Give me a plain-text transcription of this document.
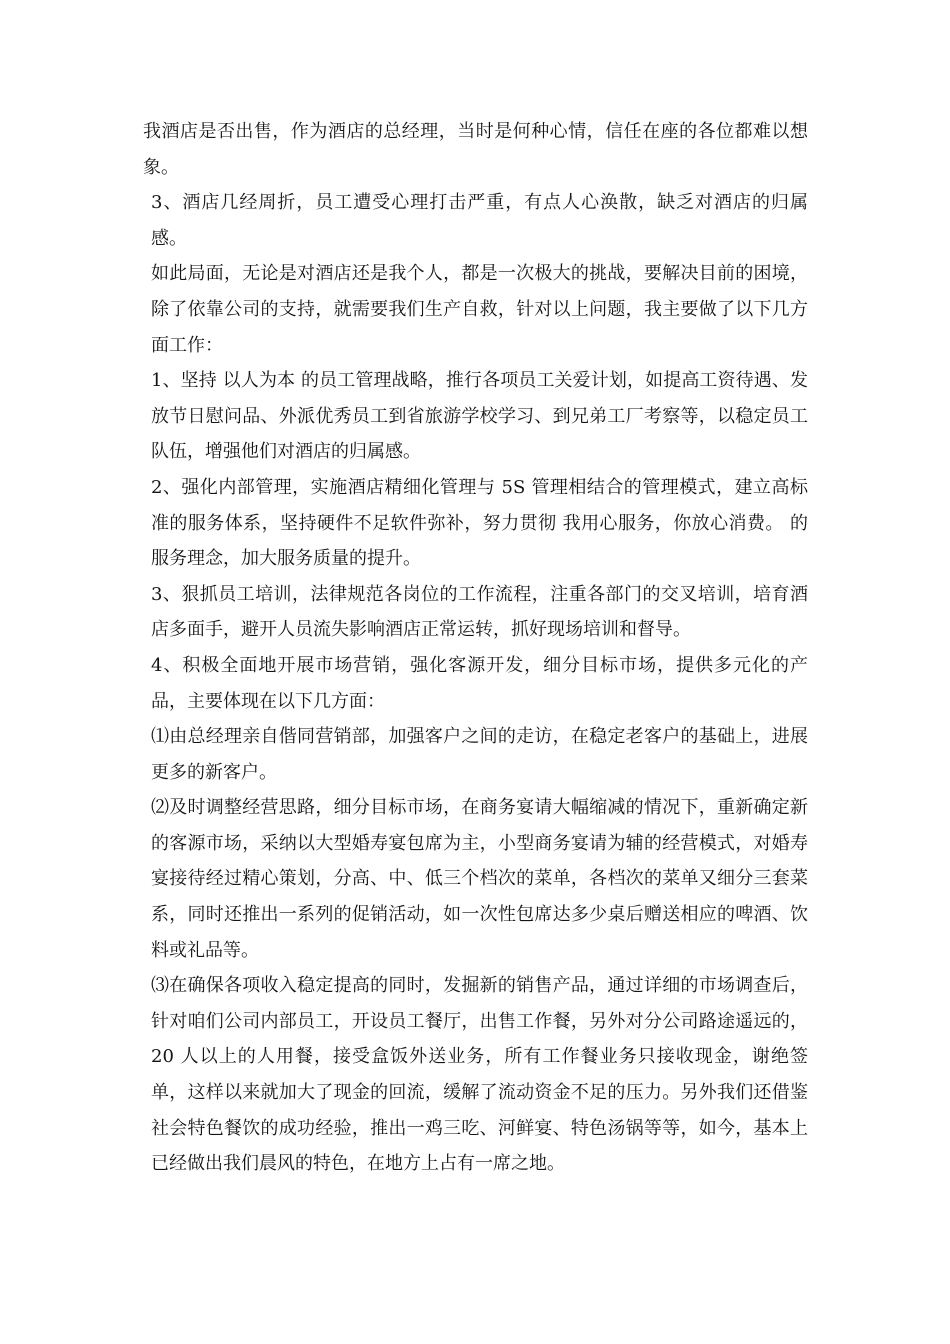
我酒店是否出售，作为酒店的总经理，当时是何种心情，信任在座的各位都难以想象。

3、酒店几经周折，员工遭受心理打击严重，有点人心涣散，缺乏对酒店的归属感。

如此局面，无论是对酒店还是我个人，都是一次极大的挑战，要解决目前的困境，除了依靠公司的支持，就需要我们生产自救，针对以上问题，我主要做了以下几方面工作：

1、坚持 以人为本 的员工管理战略，推行各项员工关爱计划，如提高工资待遇、发放节日慰问品、外派优秀员工到省旅游学校学习、到兄弟工厂考察等，以稳定员工队伍，增强他们对酒店的归属感。

2、强化内部管理，实施酒店精细化管理与 5S 管理相结合的管理模式，建立高标准的服务体系，坚持硬件不足软件弥补，努力贯彻 我用心服务，你放心消费。 的服务理念，加大服务质量的提升。

3、狠抓员工培训，法律规范各岗位的工作流程，注重各部门的交叉培训，培育酒店多面手，避开人员流失影响酒店正常运转，抓好现场培训和督导。

4、积极全面地开展市场营销，强化客源开发，细分目标市场，提供多元化的产品，主要体现在以下几方面：

⑴由总经理亲自偕同营销部，加强客户之间的走访，在稳定老客户的基础上，进展更多的新客户。

⑵及时调整经营思路，细分目标市场，在商务宴请大幅缩减的情况下，重新确定新的客源市场，采纳以大型婚寿宴包席为主，小型商务宴请为辅的经营模式，对婚寿宴接待经过精心策划，分高、中、低三个档次的菜单，各档次的菜单又细分三套菜系，同时还推出一系列的促销活动，如一次性包席达多少桌后赠送相应的啤酒、饮料或礼品等。

⑶在确保各项收入稳定提高的同时，发掘新的销售产品，通过详细的市场调查后，针对咱们公司内部员工，开设员工餐厅，出售工作餐，另外对分公司路途遥远的，20 人以上的人用餐，接受盒饭外送业务，所有工作餐业务只接收现金，谢绝签单，这样以来就加大了现金的回流，缓解了流动资金不足的压力。另外我们还借鉴社会特色餐饮的成功经验，推出一鸡三吃、河鲜宴、特色汤锅等等，如今，基本上已经做出我们晨风的特色，在地方上占有一席之地。
